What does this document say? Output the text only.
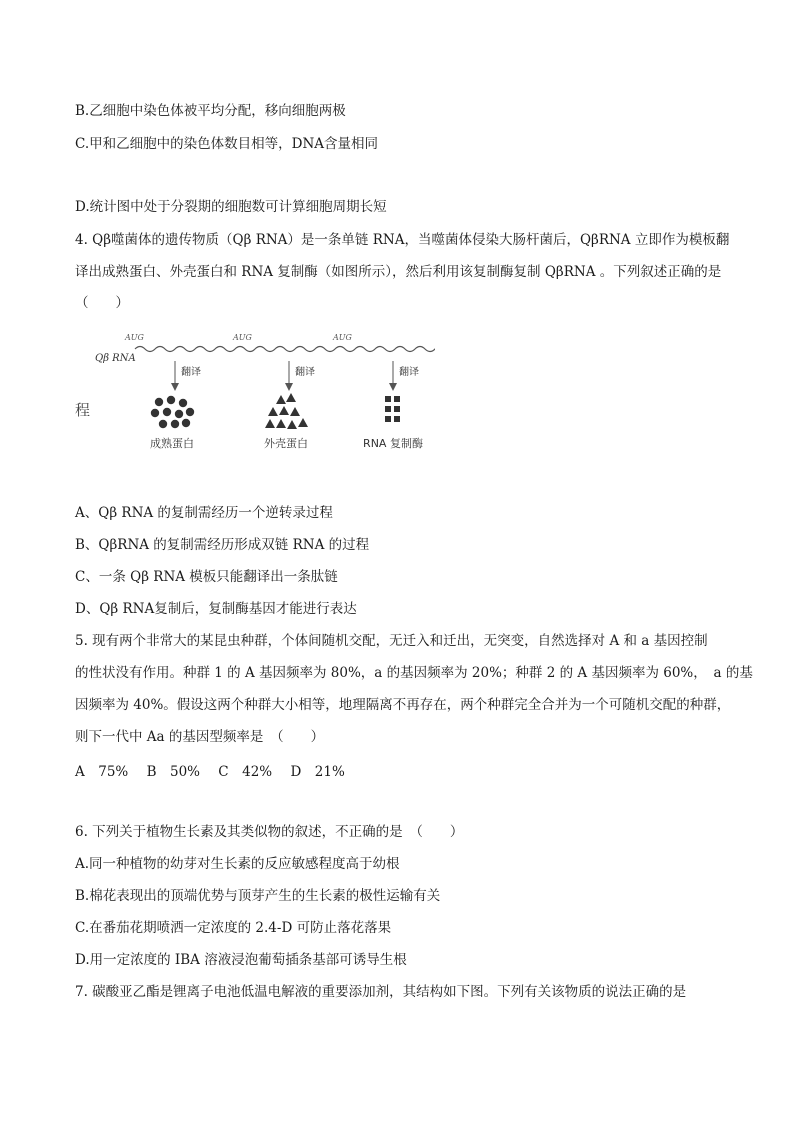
B.乙细胞中染色体被平均分配，移向细胞两极
C.甲和乙细胞中的染色体数目相等，DNA含量相同
D.统计图中处于分裂期的细胞数可计算细胞周期长短
4. Qβ噬菌体的遗传物质（Qβ RNA）是一条单链 RNA，当噬菌体侵染大肠杆菌后，QβRNA 立即作为模板翻
译出成熟蛋白、外壳蛋白和 RNA 复制酶（如图所示），然后利用该复制酶复制 QβRNA 。下列叙述正确的是
（　　）
程
Qβ RNA
AUG	AUG	AUG
翻译	翻译	翻译
成熟蛋白	外壳蛋白	RNA 复制酶
A、Qβ RNA 的复制需经历一个逆转录过程
B、QβRNA 的复制需经历形成双链 RNA 的过程
C、一条 Qβ RNA 模板只能翻译出一条肽链
D、Qβ RNA复制后，复制酶基因才能进行表达
5. 现有两个非常大的某昆虫种群，个体间随机交配，无迁入和迁出，无突变，自然选择对 A 和 a 基因控制
的性状没有作用。种群 1 的 A 基因频率为 80%，a 的基因频率为 20%；种群 2 的 A 基因频率为 60%，　a 的基
因频率为 40%。假设这两个种群大小相等，地理隔离不再存在，两个种群完全合并为一个可随机交配的种群，
则下一代中 Aa 的基因型频率是　（　　）
A　75% B　50% C　42% D　21%
6. 下列关于植物生长素及其类似物的叙述，不正确的是　（　　）
A.同一种植物的幼芽对生长素的反应敏感程度高于幼根
B.棉花表现出的顶端优势与顶芽产生的生长素的极性运输有关
C.在番茄花期喷洒一定浓度的 2.4-D 可防止落花落果
D.用一定浓度的 IBA 溶液浸泡葡萄插条基部可诱导生根
7. 碳酸亚乙酯是锂离子电池低温电解液的重要添加剂，其结构如下图。下列有关该物质的说法正确的是
